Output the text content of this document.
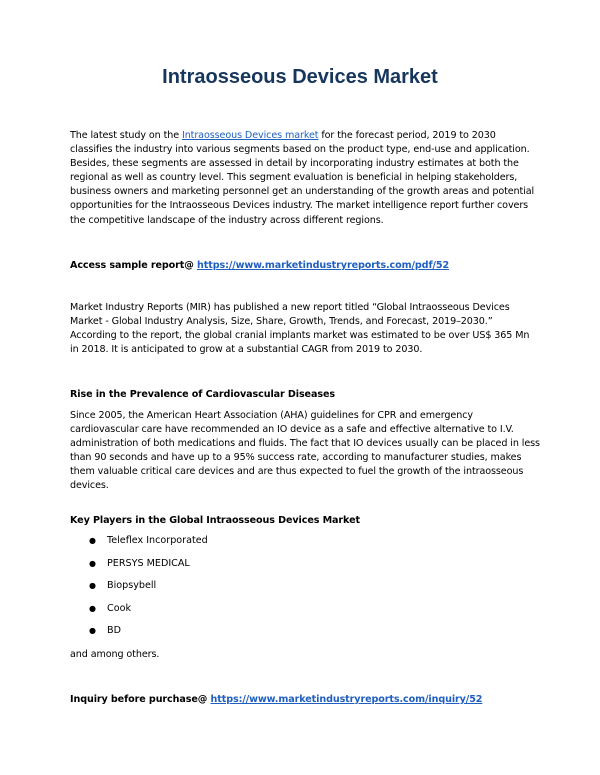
Intraosseous Devices Market

The latest study on the Intraosseous Devices market for the forecast period, 2019 to 2030 classifies the industry into various segments based on the product type, end-use and application. Besides, these segments are assessed in detail by incorporating industry estimates at both the regional as well as country level. This segment evaluation is beneficial in helping stakeholders, business owners and marketing personnel get an understanding of the growth areas and potential opportunities for the Intraosseous Devices industry. The market intelligence report further covers the competitive landscape of the industry across different regions.

Access sample report@ https://www.marketindustryreports.com/pdf/52

Market Industry Reports (MIR) has published a new report titled “Global Intraosseous Devices Market - Global Industry Analysis, Size, Share, Growth, Trends, and Forecast, 2019–2030.” According to the report, the global cranial implants market was estimated to be over US$ 365 Mn in 2018. It is anticipated to grow at a substantial CAGR from 2019 to 2030.

Rise in the Prevalence of Cardiovascular Diseases

Since 2005, the American Heart Association (AHA) guidelines for CPR and emergency cardiovascular care have recommended an IO device as a safe and effective alternative to I.V. administration of both medications and fluids. The fact that IO devices usually can be placed in less than 90 seconds and have up to a 95% success rate, according to manufacturer studies, makes them valuable critical care devices and are thus expected to fuel the growth of the intraosseous devices.

Key Players in the Global Intraosseous Devices Market

●	Teleflex Incorporated
●	PERSYS MEDICAL
●	Biopsybell
●	Cook
●	BD

and among others.

Inquiry before purchase@ https://www.marketindustryreports.com/inquiry/52
